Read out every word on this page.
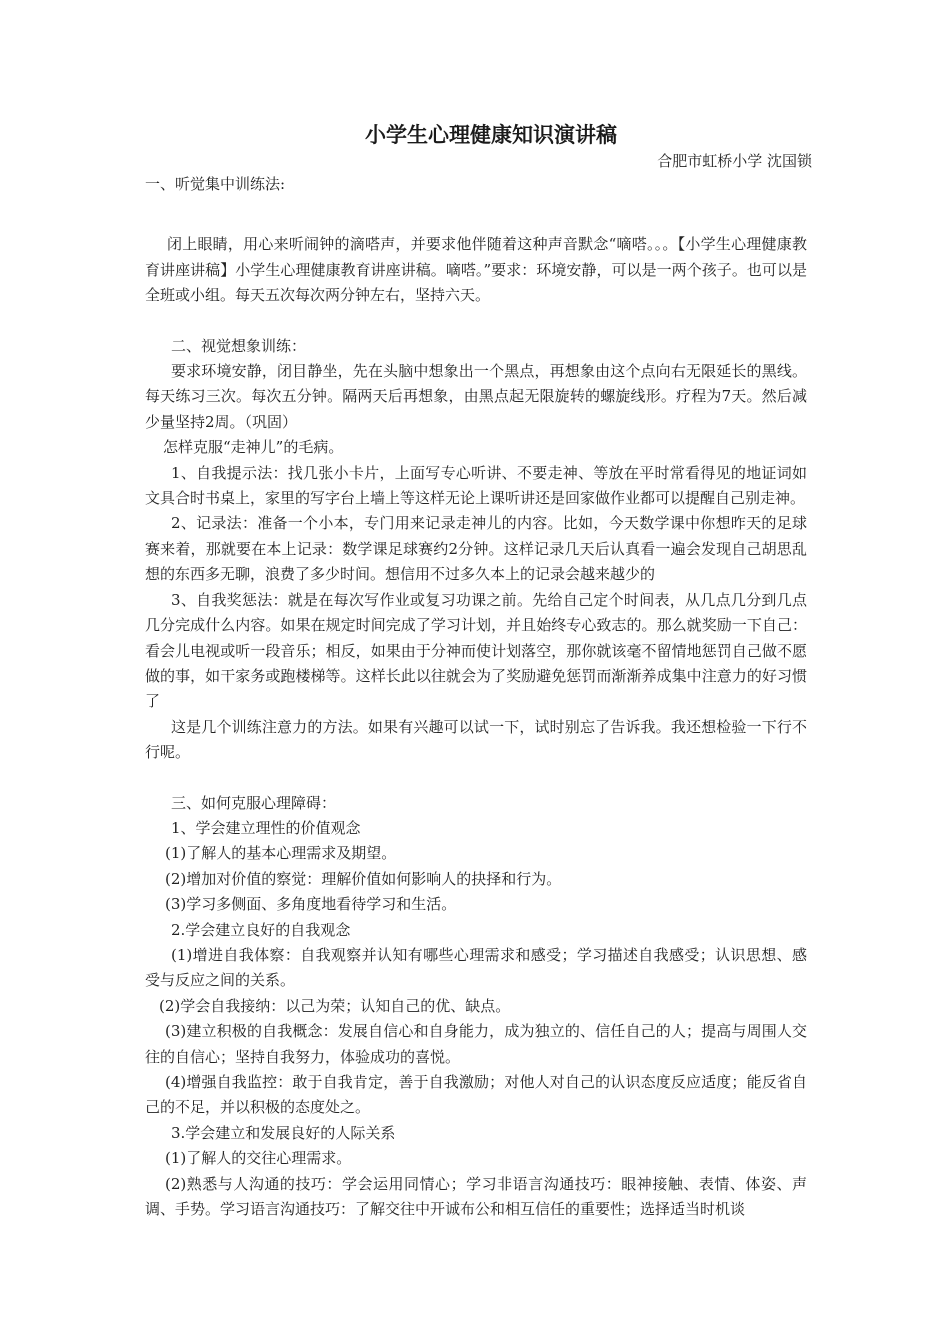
小学生心理健康知识演讲稿
合肥市虹桥小学 沈国锁

一、听觉集中训练法:

闭上眼睛，用心来听闹钟的滴嗒声，并要求他伴随着这种声音默念“嘀嗒。。。【小学生心理健康教育讲座讲稿】小学生心理健康教育讲座讲稿。嘀嗒。”要求：环境安静，可以是一两个孩子。也可以是全班或小组。每天五次每次两分钟左右，坚持六天。

二、视觉想象训练：

要求环境安静，闭目静坐，先在头脑中想象出一个黑点，再想象由这个点向右无限延长的黑线。每天练习三次。每次五分钟。隔两天后再想象，由黑点起无限旋转的螺旋线形。疗程为7天。然后减少量坚持2周。（巩固）

怎样克服“走神儿”的毛病。

1、自我提示法：找几张小卡片，上面写专心听讲、不要走神、等放在平时常看得见的地证词如文具合时书桌上，家里的写字台上墙上等这样无论上课听讲还是回家做作业都可以提醒自己别走神。

2、记录法：准备一个小本，专门用来记录走神儿的内容。比如，今天数学课中你想昨天的足球赛来着，那就要在本上记录：数学课足球赛约2分钟。这样记录几天后认真看一遍会发现自己胡思乱想的东西多无聊，浪费了多少时间。想信用不过多久本上的记录会越来越少的

3、自我奖惩法：就是在每次写作业或复习功课之前。先给自己定个时间表，从几点几分到几点几分完成什么内容。如果在规定时间完成了学习计划，并且始终专心致志的。那么就奖励一下自己：看会儿电视或听一段音乐；相反，如果由于分神而使计划落空，那你就该毫不留情地惩罚自己做不愿做的事，如干家务或跑楼梯等。这样长此以往就会为了奖励避免惩罚而渐渐养成集中注意力的好习惯了

这是几个训练注意力的方法。如果有兴趣可以试一下，试时别忘了告诉我。我还想检验一下行不行呢。

三、如何克服心理障碍：

1、学会建立理性的价值观念

(1)了解人的基本心理需求及期望。

(2)增加对价值的察觉：理解价值如何影响人的抉择和行为。

(3)学习多侧面、多角度地看待学习和生活。

2.学会建立良好的自我观念

(1)增进自我体察：自我观察并认知有哪些心理需求和感受；学习描述自我感受；认识思想、感受与反应之间的关系。

(2)学会自我接纳：以己为荣；认知自己的优、缺点。

(3)建立积极的自我概念：发展自信心和自身能力，成为独立的、信任自己的人；提高与周围人交往的自信心；坚持自我努力，体验成功的喜悦。

(4)增强自我监控：敢于自我肯定，善于自我激励；对他人对自己的认识态度反应适度；能反省自己的不足，并以积极的态度处之。

3.学会建立和发展良好的人际关系

(1)了解人的交往心理需求。

(2)熟悉与人沟通的技巧：学会运用同情心；学习非语言沟通技巧：眼神接触、表情、体姿、声调、手势。学习语言沟通技巧：了解交往中开诚布公和相互信任的重要性；选择适当时机谈
